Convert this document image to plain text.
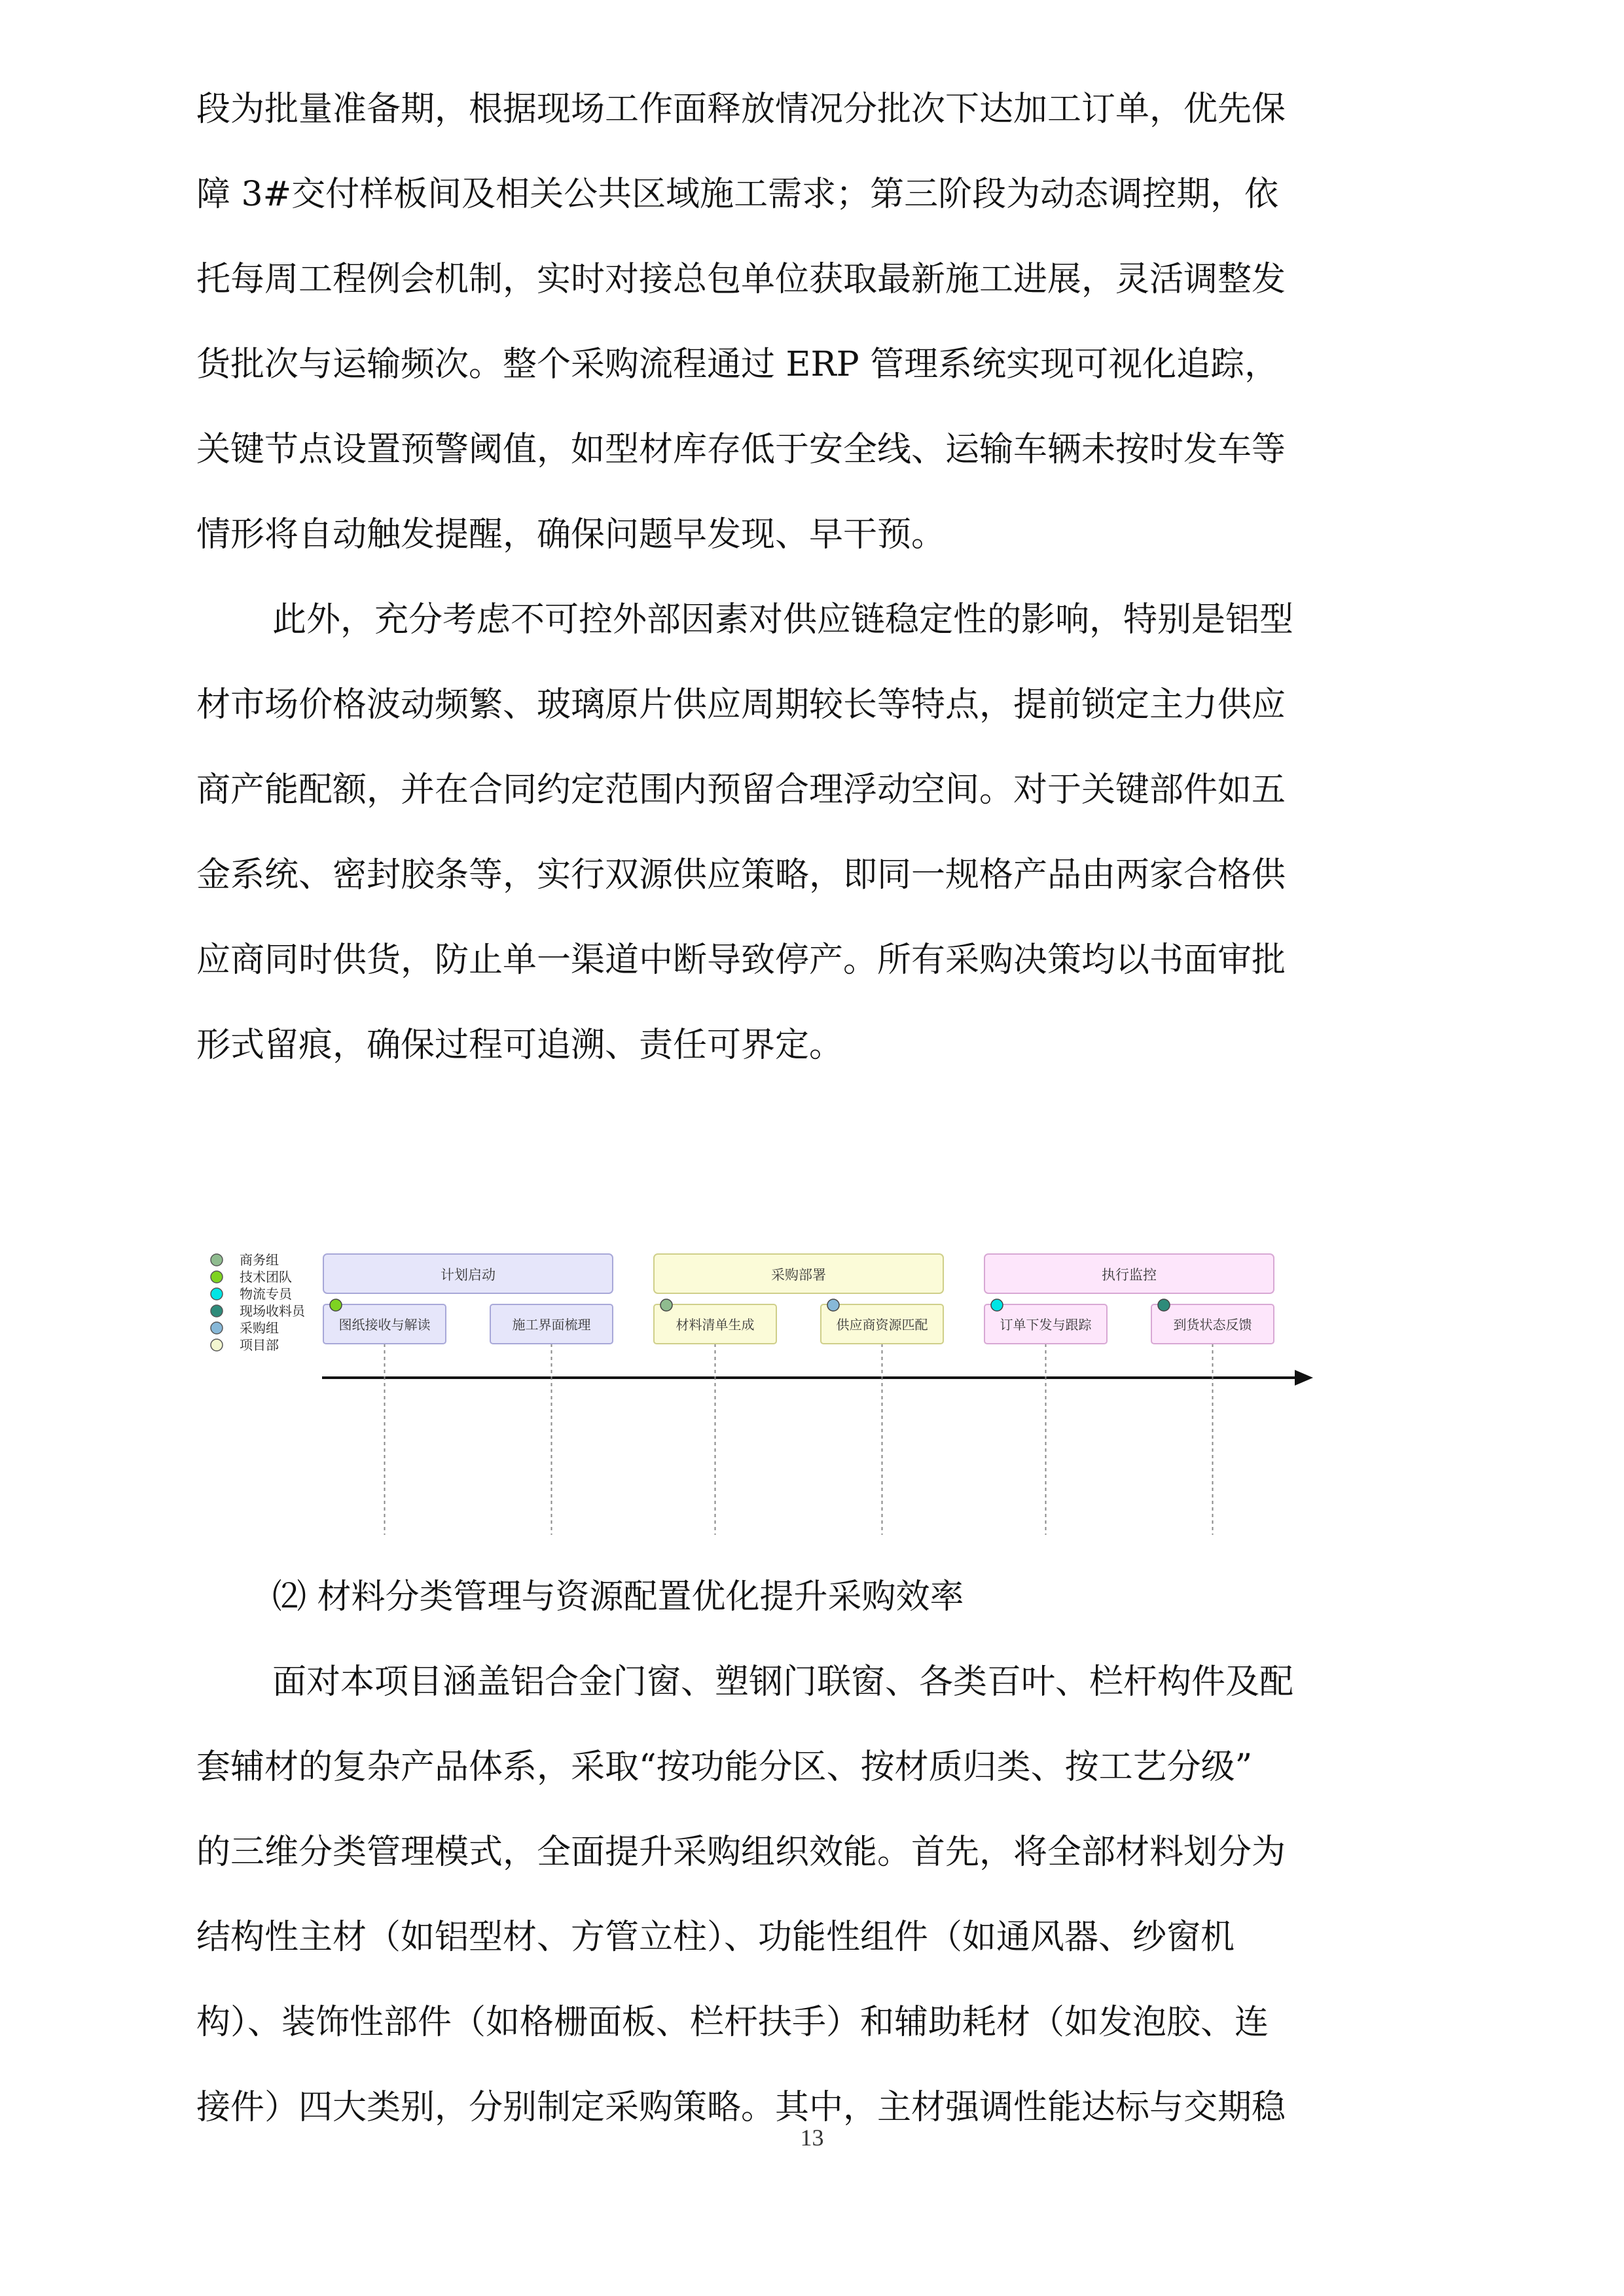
段为批量准备期，根据现场工作面释放情况分批次下达加工订单，优先保
障 3#交付样板间及相关公共区域施工需求；第三阶段为动态调控期，依
托每周工程例会机制，实时对接总包单位获取最新施工进展，灵活调整发
货批次与运输频次。整个采购流程通过 ERP 管理系统实现可视化追踪，
关键节点设置预警阈值，如型材库存低于安全线、运输车辆未按时发车等
情形将自动触发提醒，确保问题早发现、早干预。

此外，充分考虑不可控外部因素对供应链稳定性的影响，特别是铝型
材市场价格波动频繁、玻璃原片供应周期较长等特点，提前锁定主力供应
商产能配额，并在合同约定范围内预留合理浮动空间。对于关键部件如五
金系统、密封胶条等，实行双源供应策略，即同一规格产品由两家合格供
应商同时供货，防止单一渠道中断导致停产。所有采购决策均以书面审批
形式留痕，确保过程可追溯、责任可界定。

商务组
技术团队
物流专员
现场收料员
采购组
项目部
计划启动
图纸接收与解读	施工界面梳理
采购部署
材料清单生成	供应商资源匹配
执行监控
订单下发与跟踪	到货状态反馈

⑵ 材料分类管理与资源配置优化提升采购效率

面对本项目涵盖铝合金门窗、塑钢门联窗、各类百叶、栏杆构件及配
套辅材的复杂产品体系，采取“按功能分区、按材质归类、按工艺分级”
的三维分类管理模式，全面提升采购组织效能。首先，将全部材料划分为
结构性主材（如铝型材、方管立柱）、功能性组件（如通风器、纱窗机
构）、装饰性部件（如格栅面板、栏杆扶手）和辅助耗材（如发泡胶、连
接件）四大类别，分别制定采购策略。其中，主材强调性能达标与交期稳

13
